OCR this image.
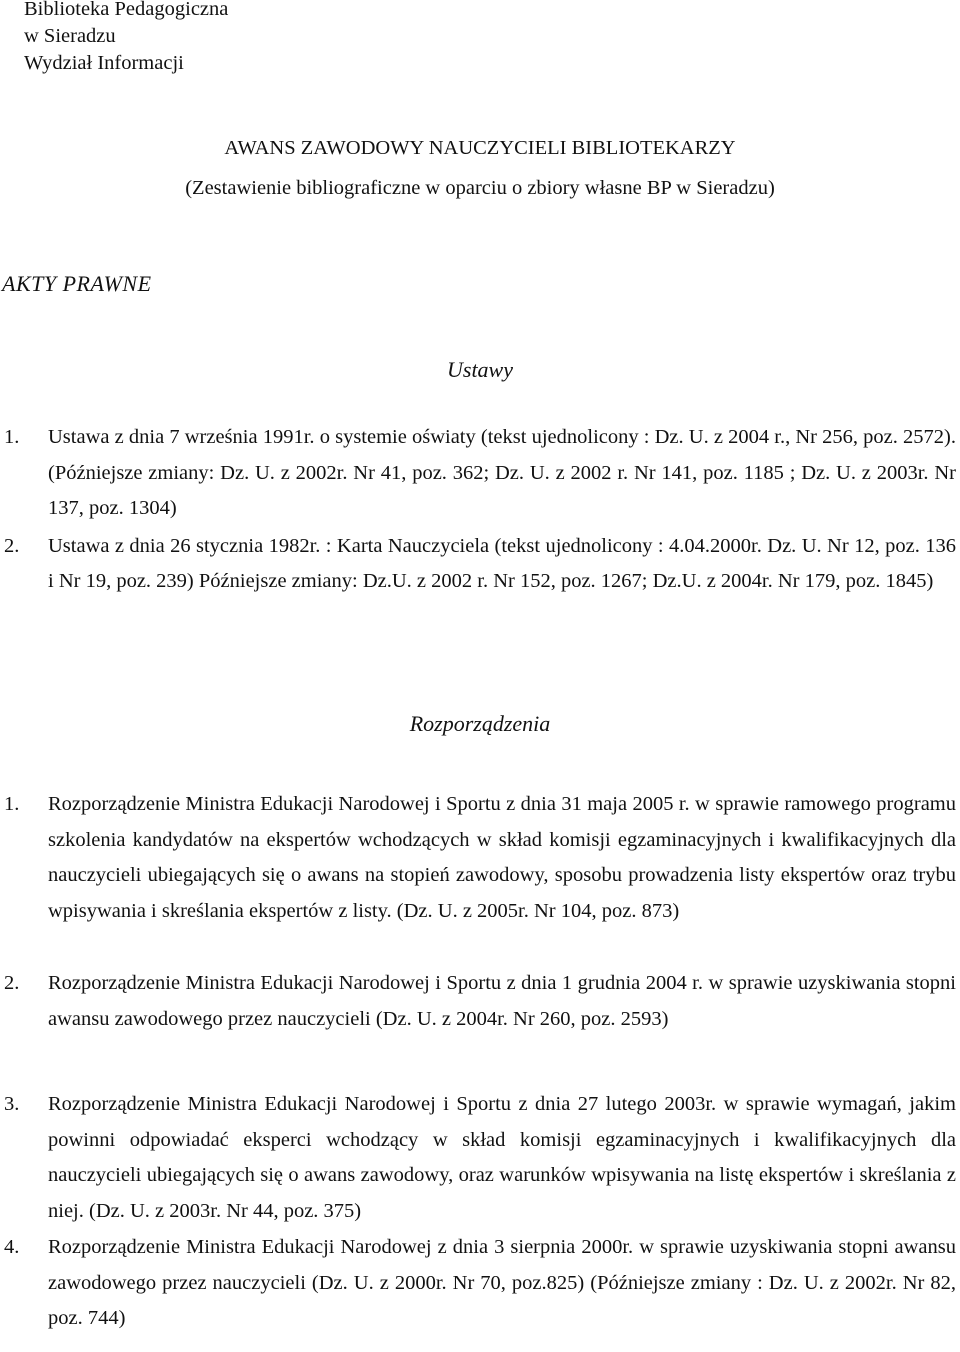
Biblioteka Pedagogiczna
w Sieradzu
Wydział Informacji
AWANS ZAWODOWY NAUCZYCIELI BIBLIOTEKARZY
(Zestawienie bibliograficzne w oparciu o zbiory własne BP w Sieradzu)
AKTY PRAWNE
Ustawy
1. Ustawa z dnia 7 września 1991r. o systemie oświaty (tekst ujednolicony : Dz. U. z 2004 r., Nr 256, poz. 2572). (Późniejsze zmiany: Dz. U. z 2002r. Nr 41, poz. 362; Dz. U. z 2002 r. Nr 141, poz. 1185 ; Dz. U. z 2003r. Nr 137, poz. 1304)
2. Ustawa z dnia 26 stycznia 1982r. : Karta Nauczyciela (tekst ujednolicony : 4.04.2000r. Dz. U. Nr 12, poz. 136 i Nr 19, poz. 239) Późniejsze zmiany: Dz.U. z 2002 r. Nr 152, poz. 1267; Dz.U. z 2004r. Nr 179, poz. 1845)
Rozporządzenia
1. Rozporządzenie Ministra Edukacji Narodowej i Sportu z dnia 31 maja 2005 r. w sprawie ramowego programu szkolenia kandydatów na ekspertów wchodzących w skład komisji egzaminacyjnych i kwalifikacyjnych dla nauczycieli ubiegających się o awans na stopień zawodowy, sposobu prowadzenia listy ekspertów oraz trybu wpisywania i skreślania ekspertów z listy. (Dz. U. z 2005r. Nr 104, poz. 873)
2. Rozporządzenie Ministra Edukacji Narodowej i Sportu z dnia 1 grudnia 2004 r. w sprawie uzyskiwania stopni awansu zawodowego przez nauczycieli (Dz. U. z 2004r. Nr 260, poz. 2593)
3. Rozporządzenie Ministra Edukacji Narodowej i Sportu z dnia 27 lutego 2003r. w sprawie wymagań, jakim powinni odpowiadać eksperci wchodzący w skład komisji egzaminacyjnych i kwalifikacyjnych dla nauczycieli ubiegających się o awans zawodowy, oraz warunków wpisywania na listę ekspertów i skreślania z niej. (Dz. U. z 2003r. Nr 44, poz. 375)
4. Rozporządzenie Ministra Edukacji Narodowej z dnia 3 sierpnia 2000r. w sprawie uzyskiwania stopni awansu zawodowego przez nauczycieli (Dz. U. z 2000r. Nr 70, poz.825) (Późniejsze zmiany : Dz. U. z 2002r. Nr 82, poz. 744)
